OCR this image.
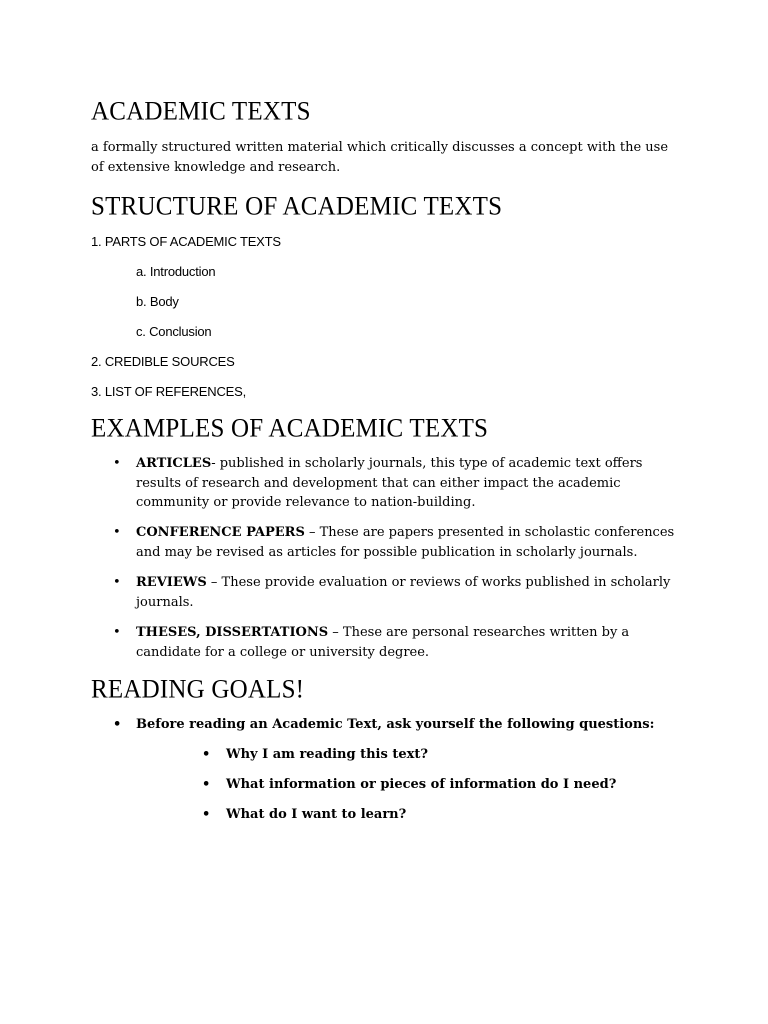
ACADEMIC TEXTS

a formally structured written material which critically discusses a concept with the use of extensive knowledge and research.

STRUCTURE OF ACADEMIC TEXTS
1. PARTS OF ACADEMIC TEXTS
a. Introduction
b. Body
c. Conclusion
2. CREDIBLE SOURCES
3. LIST OF REFERENCES,
EXAMPLES OF ACADEMIC TEXTS
• ARTICLES- published in scholarly journals, this type of academic text offers results of research and development that can either impact the academic community or provide relevance to nation-building.
• CONFERENCE PAPERS – These are papers presented in scholastic conferences and may be revised as articles for possible publication in scholarly journals.
• REVIEWS – These provide evaluation or reviews of works published in scholarly journals.
• THESES, DISSERTATIONS – These are personal researches written by a candidate for a college or university degree.
READING GOALS!
• Before reading an Academic Text, ask yourself the following questions:
• Why I am reading this text?
• What information or pieces of information do I need?
• What do I want to learn?
